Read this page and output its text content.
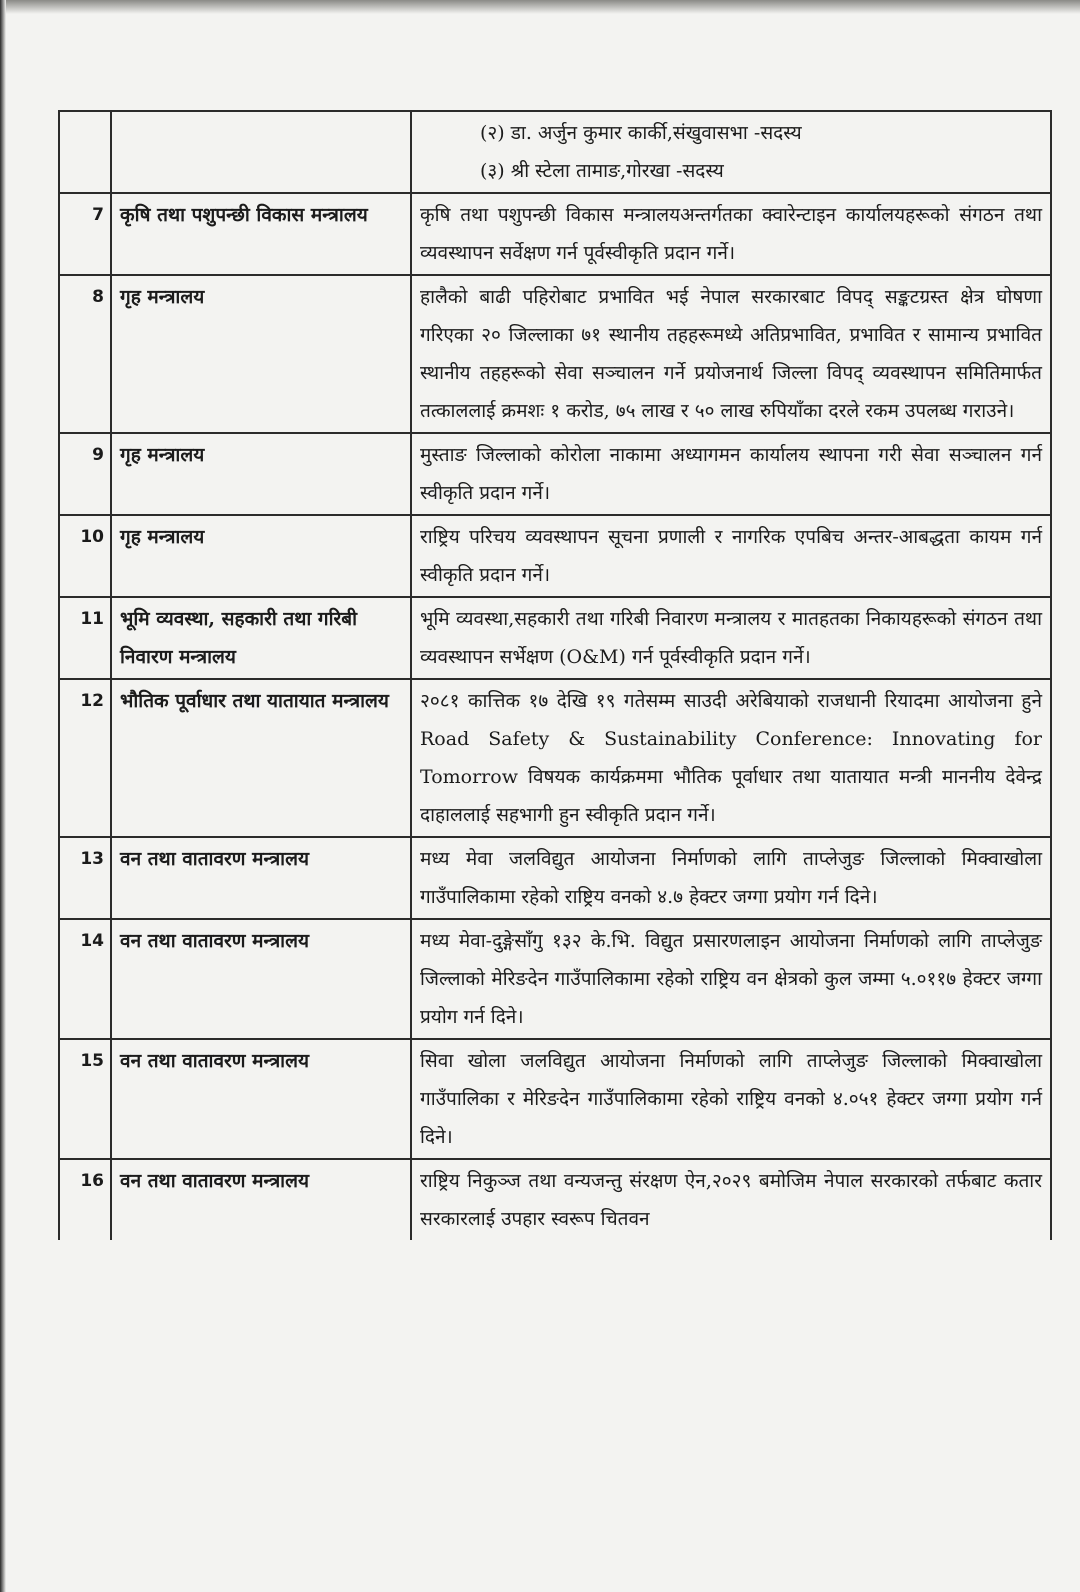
		(२) डा. अर्जुन कुमार कार्की,संखुवासभा -सदस्य
(३) श्री स्टेला तामाङ,गोरखा -सदस्य

7	कृषि तथा पशुपन्छी विकास मन्त्रालय	कृषि तथा पशुपन्छी विकास मन्त्रालयअन्तर्गतका क्वारेन्टाइन कार्यालयहरूको संगठन तथा व्यवस्थापन सर्वेक्षण गर्न पूर्वस्वीकृति प्रदान गर्ने।
8	गृह मन्त्रालय	हालैको बाढी पहिरोबाट प्रभावित भई नेपाल सरकारबाट विपद् सङ्कटग्रस्त क्षेत्र घोषणा गरिएका २० जिल्लाका ७१ स्थानीय तहहरूमध्ये अतिप्रभावित, प्रभावित र सामान्य प्रभावित स्थानीय तहहरूको सेवा सञ्चालन गर्ने प्रयोजनार्थ जिल्ला विपद् व्यवस्थापन समितिमार्फत तत्काललाई क्रमशः १ करोड, ७५ लाख र ५० लाख रुपियाँका दरले रकम उपलब्ध गराउने।
9	गृह मन्त्रालय	मुस्ताङ जिल्लाको कोरोला नाकामा अध्यागमन कार्यालय स्थापना गरी सेवा सञ्चालन गर्न स्वीकृति प्रदान गर्ने।
10	गृह मन्त्रालय	राष्ट्रिय परिचय व्यवस्थापन सूचना प्रणाली र नागरिक एपबिच अन्तर-आबद्धता कायम गर्न स्वीकृति प्रदान गर्ने।
11	भूमि व्यवस्था, सहकारी तथा गरिबी निवारण मन्त्रालय	भूमि व्यवस्था,सहकारी तथा गरिबी निवारण मन्त्रालय र मातहतका निकायहरूको संगठन तथा व्यवस्थापन सर्भेक्षण (O&M) गर्न पूर्वस्वीकृति प्रदान गर्ने।
12	भौतिक पूर्वाधार तथा यातायात मन्त्रालय	२०८१ कात्तिक १७ देखि १९ गतेसम्म साउदी अरेबियाको राजधानी रियादमा आयोजना हुने Road Safety & Sustainability Conference: Innovating for Tomorrow विषयक कार्यक्रममा भौतिक पूर्वाधार तथा यातायात मन्त्री माननीय देवेन्द्र दाहाललाई सहभागी हुन स्वीकृति प्रदान गर्ने।
13	वन तथा वातावरण मन्त्रालय	मध्य मेवा जलविद्युत आयोजना निर्माणको लागि ताप्लेजुङ जिल्लाको मिक्वाखोला गाउँपालिकामा रहेको राष्ट्रिय वनको ४.७ हेक्टर जग्गा प्रयोग गर्न दिने।
14	वन तथा वातावरण मन्त्रालय	मध्य मेवा-दुङ्गेसाँगु १३२ के.भि. विद्युत प्रसारणलाइन आयोजना निर्माणको लागि ताप्लेजुङ जिल्लाको मेरिङदेन गाउँपालिकामा रहेको राष्ट्रिय वन क्षेत्रको कुल जम्मा ५.०११७ हेक्टर जग्गा प्रयोग गर्न दिने।
15	वन तथा वातावरण मन्त्रालय	सिवा खोला जलविद्युत आयोजना निर्माणको लागि ताप्लेजुङ जिल्लाको मिक्वाखोला गाउँपालिका र मेरिङदेन गाउँपालिकामा रहेको राष्ट्रिय वनको ४.०५१ हेक्टर जग्गा प्रयोग गर्न दिने।
16	वन तथा वातावरण मन्त्रालय	राष्ट्रिय निकुञ्ज तथा वन्यजन्तु संरक्षण ऐन,२०२९ बमोजिम नेपाल सरकारको तर्फबाट कतार सरकारलाई उपहार स्वरूप चितवन
